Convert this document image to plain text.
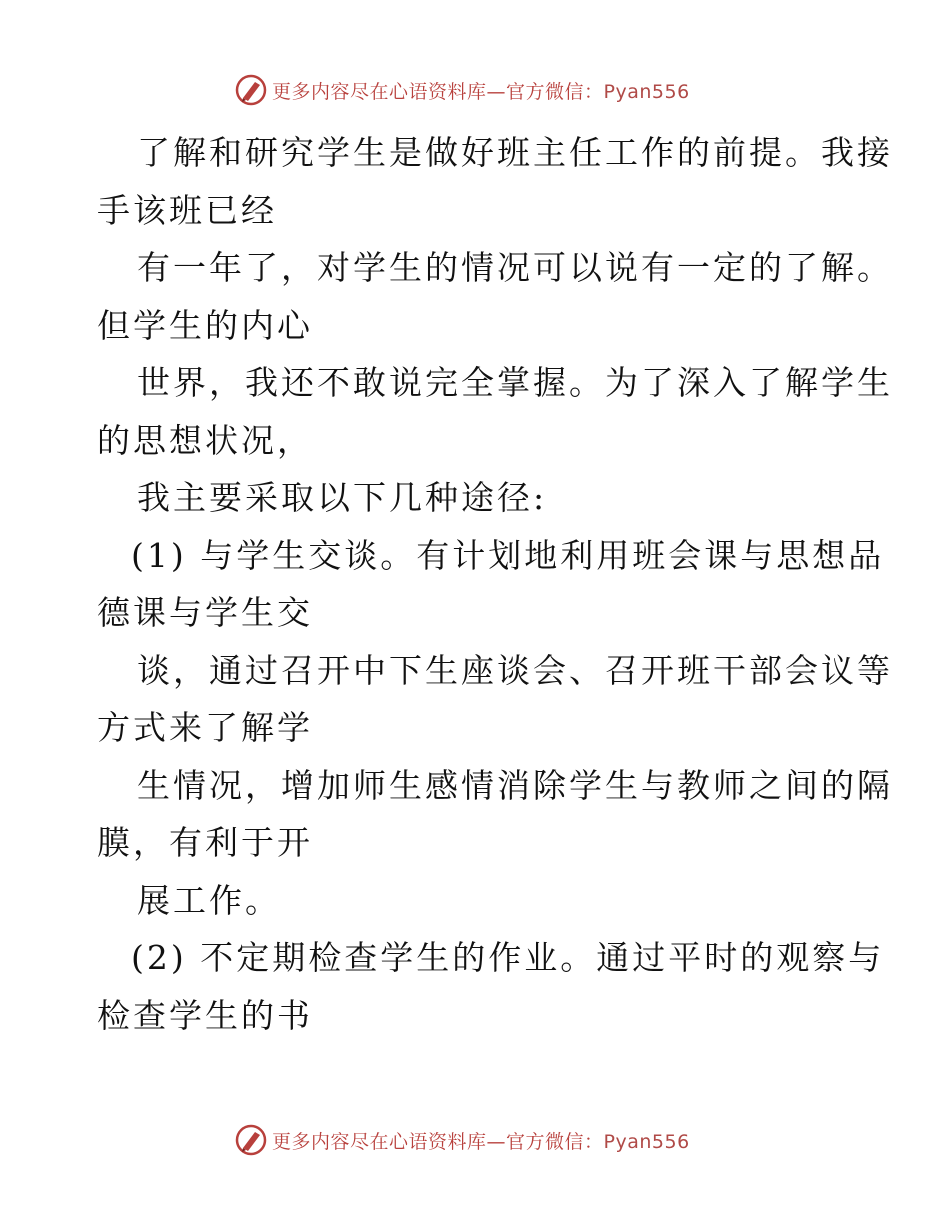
更多内容尽在心语资料库—官方微信：Pyan556
了解和研究学生是做好班主任工作的前提。我接
手该班已经
有一年了，对学生的情况可以说有一定的了解。
但学生的内心
世界，我还不敢说完全掌握。为了深入了解学生
的思想状况，
我主要采取以下几种途径:
(1) 与学生交谈。有计划地利用班会课与思想品
德课与学生交
谈，通过召开中下生座谈会、召开班干部会议等
方式来了解学
生情况，增加师生感情消除学生与教师之间的隔
膜，有利于开
展工作。
(2) 不定期检查学生的作业。通过平时的观察与
检查学生的书
更多内容尽在心语资料库—官方微信：Pyan556
